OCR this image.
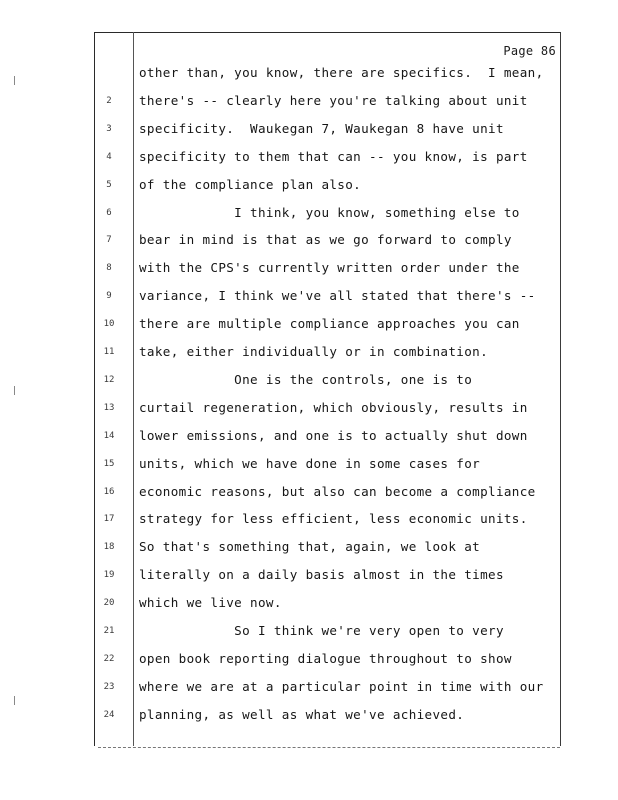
Page 86
other than, you know, there are specifics.  I mean,
2	there's -- clearly here you're talking about unit
3	specificity.  Waukegan 7, Waukegan 8 have unit
4	specificity to them that can -- you know, is part
5	of the compliance plan also.
6	I think, you know, something else to
7	bear in mind is that as we go forward to comply
8	with the CPS's currently written order under the
9	variance, I think we've all stated that there's --
10	there are multiple compliance approaches you can
11	take, either individually or in combination.
12	One is the controls, one is to
13	curtail regeneration, which obviously, results in
14	lower emissions, and one is to actually shut down
15	units, which we have done in some cases for
16	economic reasons, but also can become a compliance
17	strategy for less efficient, less economic units.
18	So that's something that, again, we look at
19	literally on a daily basis almost in the times
20	which we live now.
21	So I think we're very open to very
22	open book reporting dialogue throughout to show
23	where we are at a particular point in time with our
24	planning, as well as what we've achieved.
